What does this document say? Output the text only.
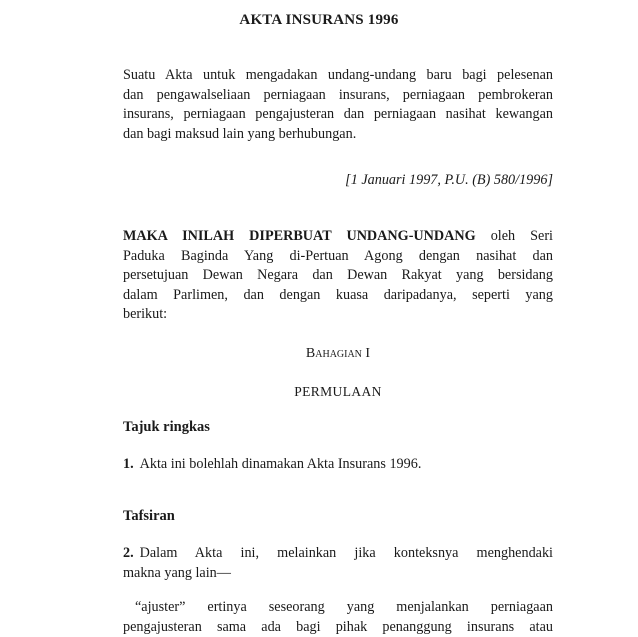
AKTA INSURANS 1996
Suatu Akta untuk mengadakan undang-undang baru bagi pelesenan
dan pengawalseliaan perniagaan insurans, perniagaan pembrokeran
insurans, perniagaan pengajusteran dan perniagaan nasihat kewangan
dan bagi maksud lain yang berhubungan.
[1 Januari 1997, P.U. (B) 580/1996]
MAKA INILAH DIPERBUAT UNDANG-UNDANG oleh Seri
Paduka Baginda Yang di-Pertuan Agong dengan nasihat dan
persetujuan Dewan Negara dan Dewan Rakyat yang bersidang
dalam Parlimen, dan dengan kuasa daripadanya, seperti yang
berikut:
Bahagian I
PERMULAAN
Tajuk ringkas
1. Akta ini bolehlah dinamakan Akta Insurans 1996.
Tafsiran
2. Dalam Akta ini, melainkan jika konteksnya menghendaki
makna yang lain—
“ajuster” ertinya seseorang yang menjalankan perniagaan
pengajusteran sama ada bagi pihak penanggung insurans atau
